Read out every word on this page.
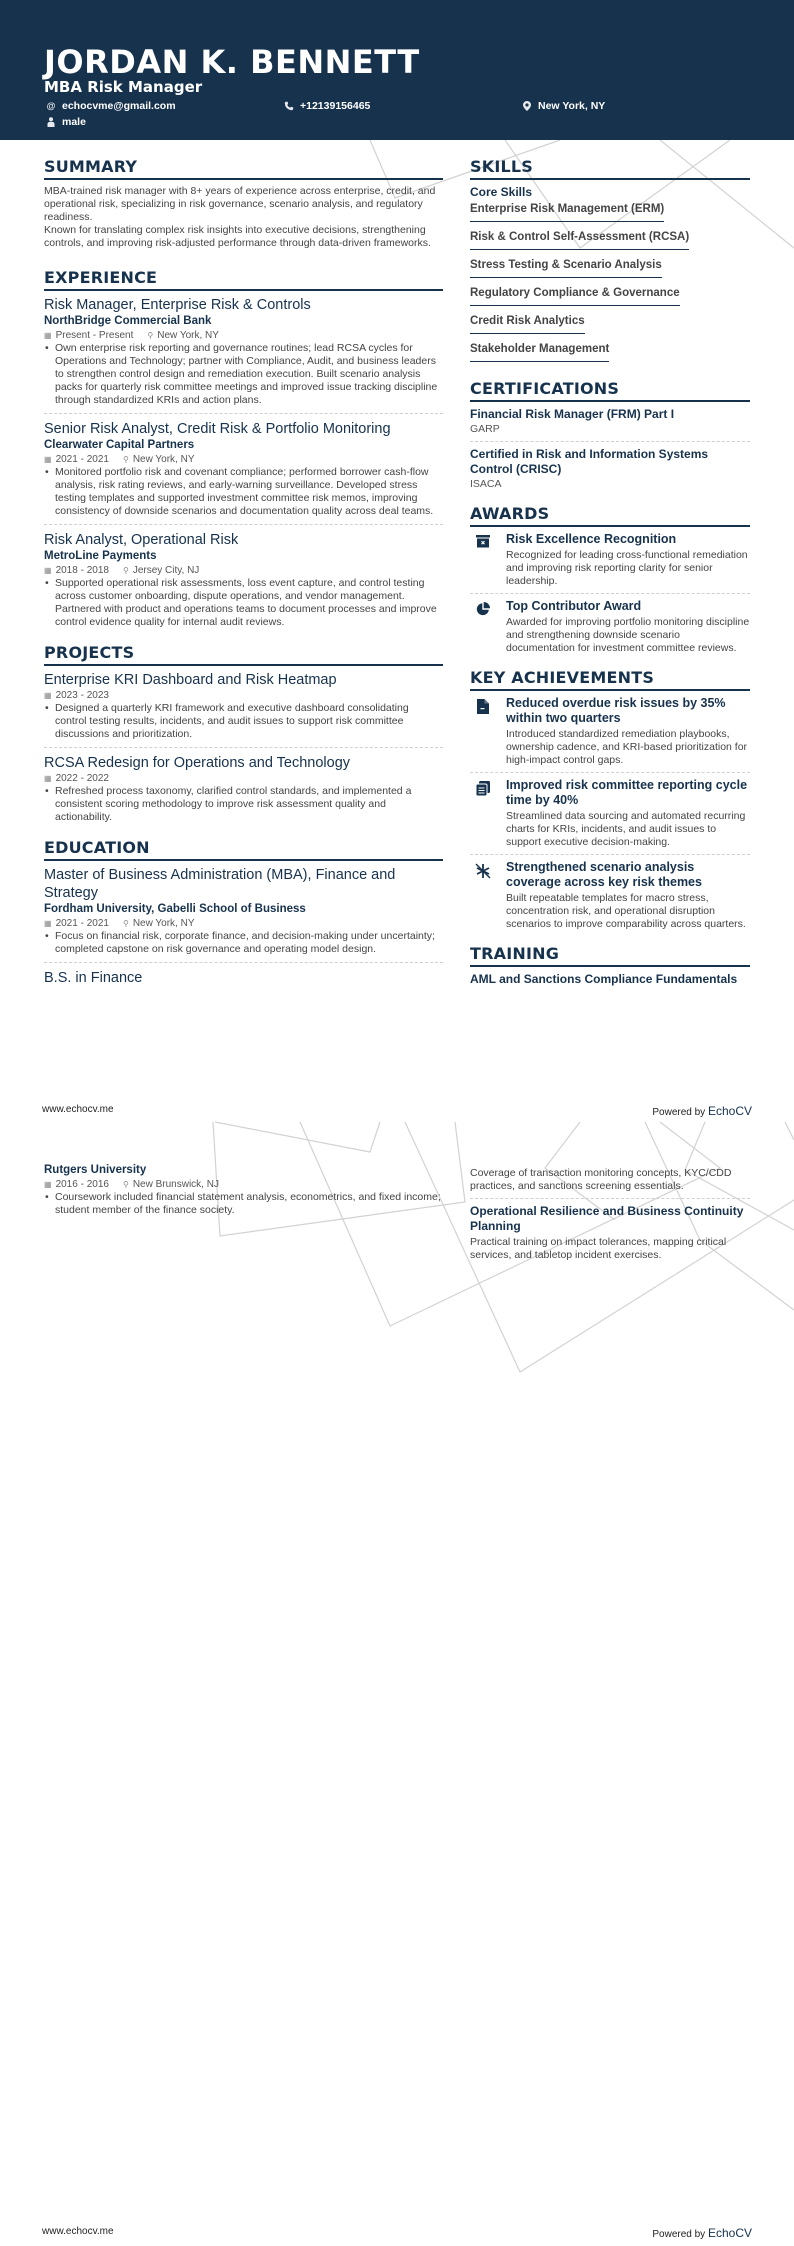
JORDAN K. BENNETT
MBA Risk Manager
@ echocvme@gmail.com	+12139156465	New York, NY
male
SUMMARY

MBA-trained risk manager with 8+ years of experience across enterprise, credit, and operational risk, specializing in risk governance, scenario analysis, and regulatory readiness.

Known for translating complex risk insights into executive decisions, strengthening controls, and improving risk-adjusted performance through data-driven frameworks.

EXPERIENCE
Risk Manager, Enterprise Risk & Controls
NorthBridge Commercial Bank
▦ Present - Present ⚲ New York, NY
• Own enterprise risk reporting and governance routines; lead RCSA cycles for Operations and Technology; partner with Compliance, Audit, and business leaders to strengthen control design and remediation execution. Built scenario analysis packs for quarterly risk committee meetings and improved issue tracking discipline through standardized KRIs and action plans.
Senior Risk Analyst, Credit Risk & Portfolio Monitoring
Clearwater Capital Partners
▦ 2021 - 2021 ⚲ New York, NY
• Monitored portfolio risk and covenant compliance; performed borrower cash-flow analysis, risk rating reviews, and early-warning surveillance. Developed stress testing templates and supported investment committee risk memos, improving consistency of downside scenarios and documentation quality across deal teams.
Risk Analyst, Operational Risk
MetroLine Payments
▦ 2018 - 2018 ⚲ Jersey City, NJ
• Supported operational risk assessments, loss event capture, and control testing across customer onboarding, dispute operations, and vendor management. Partnered with product and operations teams to document processes and improve control evidence quality for internal audit reviews.
PROJECTS
Enterprise KRI Dashboard and Risk Heatmap
▦ 2023 - 2023
• Designed a quarterly KRI framework and executive dashboard consolidating control testing results, incidents, and audit issues to support risk committee discussions and prioritization.
RCSA Redesign for Operations and Technology
▦ 2022 - 2022
• Refreshed process taxonomy, clarified control standards, and implemented a consistent scoring methodology to improve risk assessment quality and actionability.
EDUCATION
Master of Business Administration (MBA), Finance and Strategy
Fordham University, Gabelli School of Business
▦ 2021 - 2021 ⚲ New York, NY
• Focus on financial risk, corporate finance, and decision-making under uncertainty; completed capstone on risk governance and operating model design.
B.S. in Finance
Rutgers University
▦ 2016 - 2016 ⚲ New Brunswick, NJ
• Coursework included financial statement analysis, econometrics, and fixed income; student member of the finance society.
SKILLS
Core Skills
Enterprise Risk Management (ERM)
Risk & Control Self-Assessment (RCSA)
Stress Testing & Scenario Analysis
Regulatory Compliance & Governance
Credit Risk Analytics
Stakeholder Management
CERTIFICATIONS
Financial Risk Manager (FRM) Part I
GARP
Certified in Risk and Information Systems Control (CRISC)
ISACA
AWARDS
Risk Excellence Recognition
Recognized for leading cross-functional remediation and improving risk reporting clarity for senior leadership.
Top Contributor Award
Awarded for improving portfolio monitoring discipline and strengthening downside scenario documentation for investment committee reviews.
KEY ACHIEVEMENTS
Reduced overdue risk issues by 35% within two quarters
Introduced standardized remediation playbooks, ownership cadence, and KRI-based prioritization for high-impact control gaps.
Improved risk committee reporting cycle time by 40%
Streamlined data sourcing and automated recurring charts for KRIs, incidents, and audit issues to support executive decision-making.
Strengthened scenario analysis coverage across key risk themes
Built repeatable templates for macro stress, concentration risk, and operational disruption scenarios to improve comparability across quarters.
TRAINING
AML and Sanctions Compliance Fundamentals
Coverage of transaction monitoring concepts, KYC/CDD practices, and sanctions screening essentials.
Operational Resilience and Business Continuity Planning
Practical training on impact tolerances, mapping critical services, and tabletop incident exercises.
www.echocv.me	Powered by EchoCV
www.echocv.me	Powered by EchoCV
